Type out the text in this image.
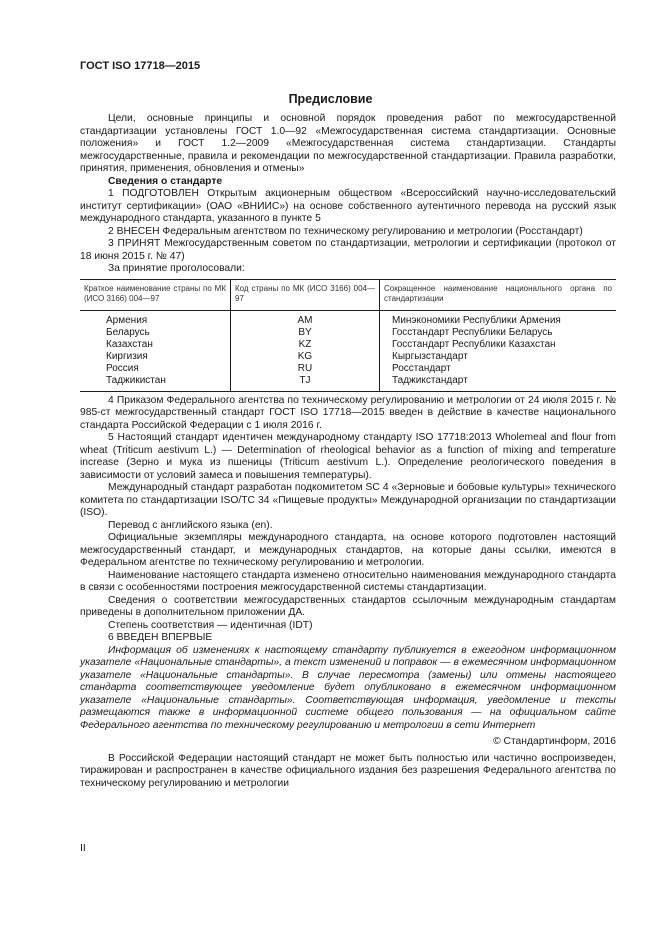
ГОСТ ISO 17718—2015
Предисловие

Цели, основные принципы и основной порядок проведения работ по межгосударственной стандартизации установлены ГОСТ 1.0—92 «Межгосударственная система стандартизации. Основные положения» и ГОСТ 1.2—2009 «Межгосударственная система стандартизации. Стандарты межгосударственные, правила и рекомендации по межгосударственной стандартизации. Правила разработки, принятия, применения, обновления и отмены»

Сведения о стандарте

1 ПОДГОТОВЛЕН Открытым акционерным обществом «Всероссийский научно-исследовательский институт сертификации» (ОАО «ВНИИС») на основе собственного аутентичного перевода на русский язык международного стандарта, указанного в пункте 5

2 ВНЕСЕН Федеральным агентством по техническому регулированию и метрологии (Росстандарт)

3 ПРИНЯТ Межгосударственным советом по стандартизации, метрологии и сертификации (протокол от 18 июня 2015 г. № 47)

За принятие проголосовали:

Краткое наименование страны по МК (ИСО 3166) 004—97	Код страны по МК (ИСО 3166) 004—97	Сокращенное наименование национального органа по стандартизации
Армения	AM	Минэкономики Республики Армения
Беларусь	BY	Госстандарт Республики Беларусь
Казахстан	KZ	Госстандарт Республики Казахстан
Киргизия	KG	Кыргызстандарт
Россия	RU	Росстандарт
Таджикистан	TJ	Таджикстандарт

4 Приказом Федерального агентства по техническому регулированию и метрологии от 24 июля 2015 г. № 985-ст межгосударственный стандарт ГОСТ ISO 17718—2015 введен в действие в качестве национального стандарта Российской Федерации с 1 июля 2016 г.

5 Настоящий стандарт идентичен международному стандарту ISO 17718:2013 Wholemeal and flour from wheat (Triticum aestivum L.) — Determination of rheological behavior as a function of mixing and temperature increase (Зерно и мука из пшеницы (Triticum aestivum L.). Определение реологического поведения в зависимости от условий замеса и повышения температуры).

Международный стандарт разработан подкомитетом SC 4 «Зерновые и бобовые культуры» технического комитета по стандартизации ISO/TC 34 «Пищевые продукты» Международной организации по стандартизации (ISO).

Перевод с английского языка (en).

Официальные экземпляры международного стандарта, на основе которого подготовлен настоящий межгосударственный стандарт, и международных стандартов, на которые даны ссылки, имеются в Федеральном агентстве по техническому регулированию и метрологии.

Наименование настоящего стандарта изменено относительно наименования международного стандарта в связи с особенностями построения межгосударственной системы стандартизации.

Сведения о соответствии межгосударственных стандартов ссылочным международным стандартам приведены в дополнительном приложении ДА.

Степень соответствия — идентичная (IDT)

6 ВВЕДЕН ВПЕРВЫЕ

Информация об изменениях к настоящему стандарту публикуется в ежегодном информационном указателе «Национальные стандарты», а текст изменений и поправок — в ежемесячном информационном указателе «Национальные стандарты». В случае пересмотра (замены) или отмены настоящего стандарта соответствующее уведомление будет опубликовано в ежемесячном информационном указателе «Национальные стандарты». Соответствующая информация, уведомление и тексты размещаются также в информационной системе общего пользования — на официальном сайте Федерального агентства по техническому регулированию и метрологии в сети Интернет

© Стандартинформ, 2016

В Российской Федерации настоящий стандарт не может быть полностью или частично воспроизведен, тиражирован и распространен в качестве официального издания без разрешения Федерального агентства по техническому регулированию и метрологии

II
